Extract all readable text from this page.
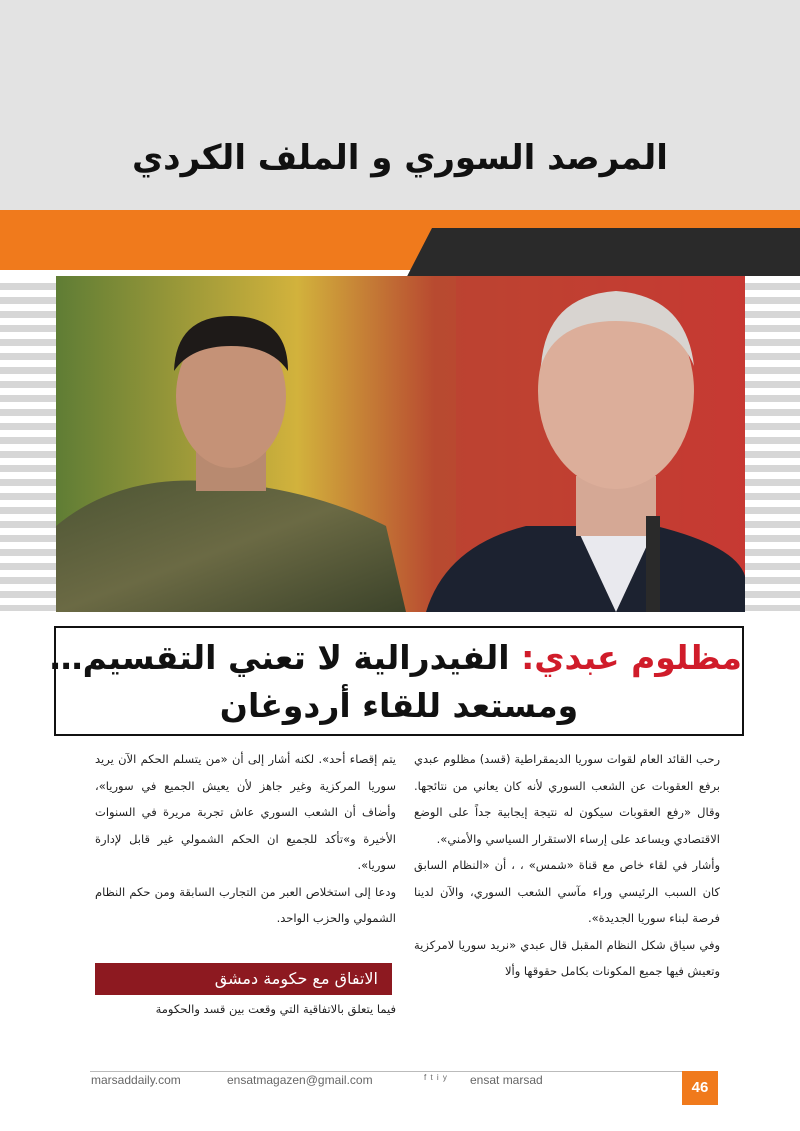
المرصد السوري و الملف الكردي
مظلوم عبدي: الفيدرالية لا تعني التقسيم…
ومستعد للقاء أردوغان

رحب القائد العام لقوات سوريا الديمقراطية (قسد) مظلوم عبدي برفع العقوبات عن الشعب السوري لأنه كان يعاني من نتائجها. وقال «رفع العقوبات سيكون له نتيجة إيجابية جداً على الوضع الاقتصادي ويساعد على إرساء الاستقرار السياسي والأمني».

وأشار في لقاء خاص مع قناة «شمس» ، ، أن «النظام السابق كان السبب الرئيسي وراء مآسي الشعب السوري، والآن لدينا فرصة لبناء سوريا الجديدة».

وفي سياق شكل النظام المقبل قال عبدي «نريد سوريا لامركزية وتعيش فيها جميع المكونات بكامل حقوقها وألا

يتم إقصاء أحد». لكنه أشار إلى أن «من يتسلم الحكم الآن يريد سوريا المركزية وغير جاهز لأن يعيش الجميع في سوريا»، وأضاف أن الشعب السوري عاش تجربة مريرة في السنوات الأخيرة و»تأكد للجميع ان الحكم الشمولي غير قابل لإدارة سوريا».

ودعا إلى استخلاص العبر من التجارب السابقة ومن حكم النظام الشمولي والحزب الواحد.

الاتفاق مع حكومة دمشق
فيما يتعلق بالاتفاقية التي وقعت بين قسد والحكومة
marsaddaily.com	ensatmagazen@gmail.com	f t i y ensat marsad	46
